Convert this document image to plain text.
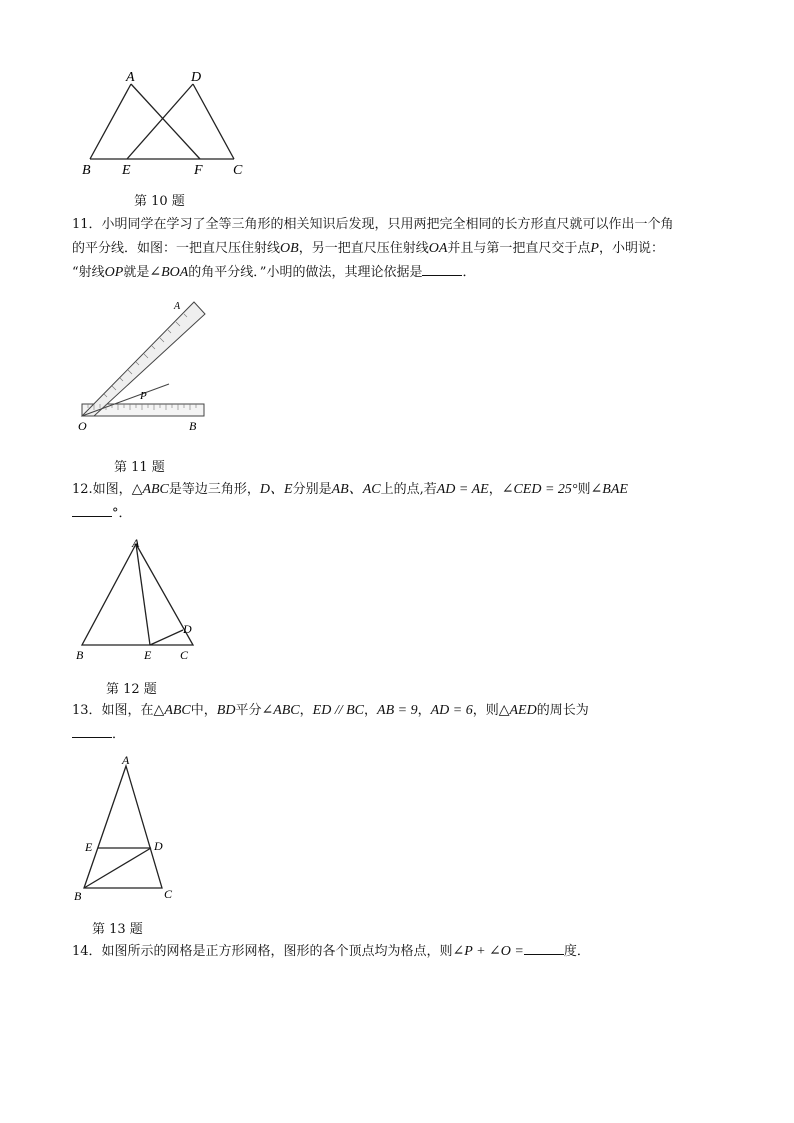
A	D
B E	F C
第 10 题
11．小明同学在学习了全等三角形的相关知识后发现，只用两把完全相同的长方形直尺就可以作出一个角
的平分线．如图：一把直尺压住射线OB，另一把直尺压住射线OA并且与第一把直尺交于点P，小明说：
“射线OP就是∠BOA的角平分线．”小明的做法，其理论依据是	．
A
P
O	B
第 11 题
12.如图，△ABC是等边三角形，D、E分别是AB、AC上的点,若AD = AE，∠CED = 25°则∠BAE
°．
A
D
B	E C
第 12 题
13．如图，在△ABC中，BD平分∠ABC，ED // BC，AB = 9，AD = 6，则△AED的周长为
．
A
E	D
B	C
第 13 题
14．如图所示的网格是正方形网格，图形的各个顶点均为格点，则∠P + ∠O =	度．
